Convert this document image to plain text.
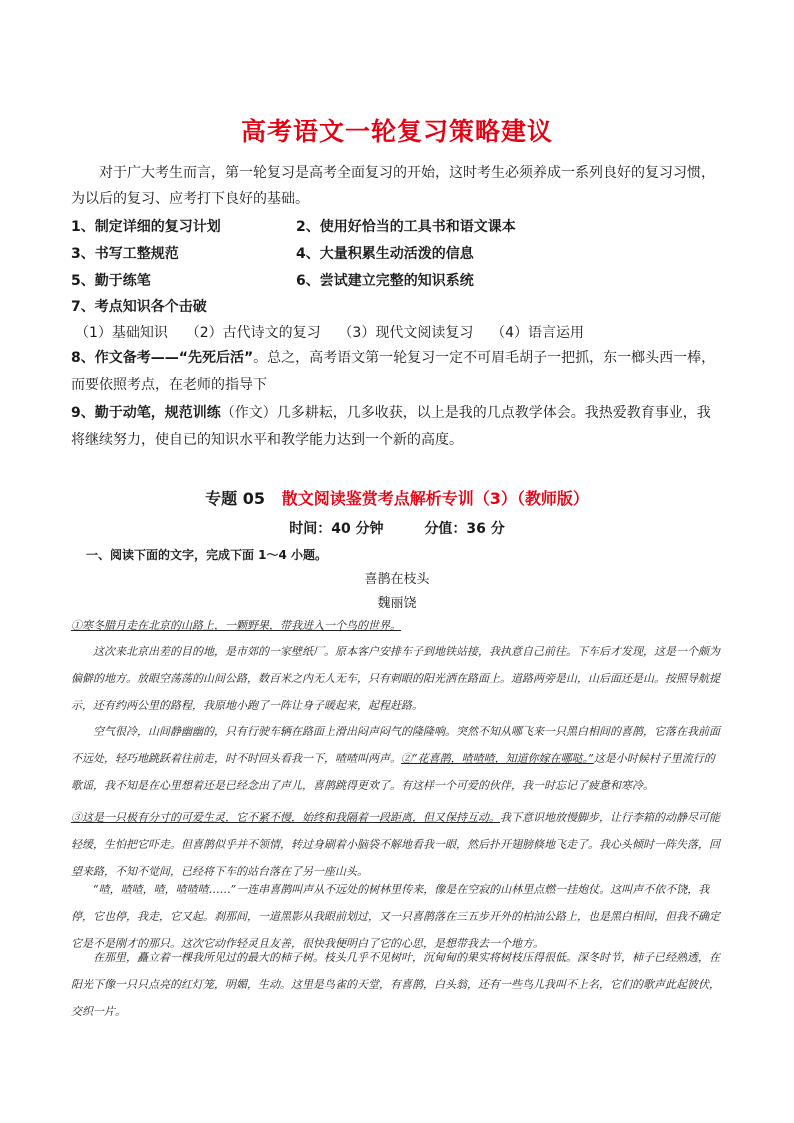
高考语文一轮复习策略建议
对于广大考生而言，第一轮复习是高考全面复习的开始，这时考生必须养成一系列良好的复习习惯，为以后的复习、应考打下良好的基础。
1、制定详细的复习计划	2、使用好恰当的工具书和语文课本
3、书写工整规范	4、大量积累生动活泼的信息
5、勤于练笔	6、尝试建立完整的知识系统
7、考点知识各个击破
（1）基础知识    （2）古代诗文的复习    （3）现代文阅读复习    （4）语言运用
8、作文备考——“先死后活”。总之，高考语文第一轮复习一定不可眉毛胡子一把抓，东一榔头西一棒，而要依照考点，在老师的指导下
9、勤于动笔，规范训练（作文）几多耕耘，几多收获，以上是我的几点教学体会。我热爱教育事业，我将继续努力，使自已的知识水平和教学能力达到一个新的高度。
专题 05 散文阅读鉴赏考点解析专训（3）（教师版）
时间：40 分钟	分值：36 分
一、阅读下面的文字，完成下面 1～4 小题。
喜鹊在枝头
魏丽饶
①寒冬腊月走在北京的山路上，一颗野果，带我进入一个鸟的世界。
这次来北京出差的目的地，是市郊的一家壁纸厂。原本客户安排车子到地铁站接，我执意自己前往。下车后才发现，这是一个颇为偏僻的地方。放眼空荡荡的山间公路，数百米之内无人无车，只有刺眼的阳光洒在路面上。道路两旁是山，山后面还是山。按照导航提示，还有约两公里的路程，我原地小跑了一阵让身子暖起来，起程赶路。
空气很冷，山间静幽幽的，只有行驶车辆在路面上滑出闷声闷气的隆隆响。突然不知从哪飞来一只黑白相间的喜鹊，它落在我前面不远处，轻巧地跳跃着往前走，时不时回头看我一下，喳喳叫两声。②“花喜鹊，喳喳喳，知道你嫁在哪哒。”这是小时候村子里流行的歌谣，我不知是在心里想着还是已经念出了声儿，喜鹊跳得更欢了。有这样一个可爱的伙伴，我一时忘记了疲惫和寒冷。
③这是一只极有分寸的可爱生灵，它不紧不慢，始终和我隔着一段距离，但又保持互动。我下意识地放慢脚步，让行李箱的动静尽可能轻缓，生怕把它吓走。但喜鹊似乎并不领情，转过身刷着小脑袋不解地看我一眼，然后扑开翅膀倏地飞走了。我心头倾时一阵失落，回望来路，不知不觉间，已经将下车的站台落在了另一座山头。
“喳，喳喳，喳，喳喳喳……”一连串喜鹊叫声从不远处的树林里传来，像是在空寂的山林里点燃一挂炮仗。这叫声不依不饶，我停，它也停，我走，它又起。刹那间，一道黑影从我眼前划过，又一只喜鹊落在三五步开外的柏油公路上，也是黑白相间，但我不确定它是不是刚才的那只。这次它动作轻灵且友善，很快我便明白了它的心思，是想带我去一个地方。
在那里，矗立着一棵我所见过的最大的柿子树。枝头几乎不见树叶，沉甸甸的果实将树枝压得很低。深冬时节，柿子已经熟透，在阳光下像一只只点亮的红灯笼，明媚，生动。这里是鸟雀的天堂，有喜鹊，白头翁，还有一些鸟儿我叫不上名，它们的歌声此起彼伏，交织一片。
